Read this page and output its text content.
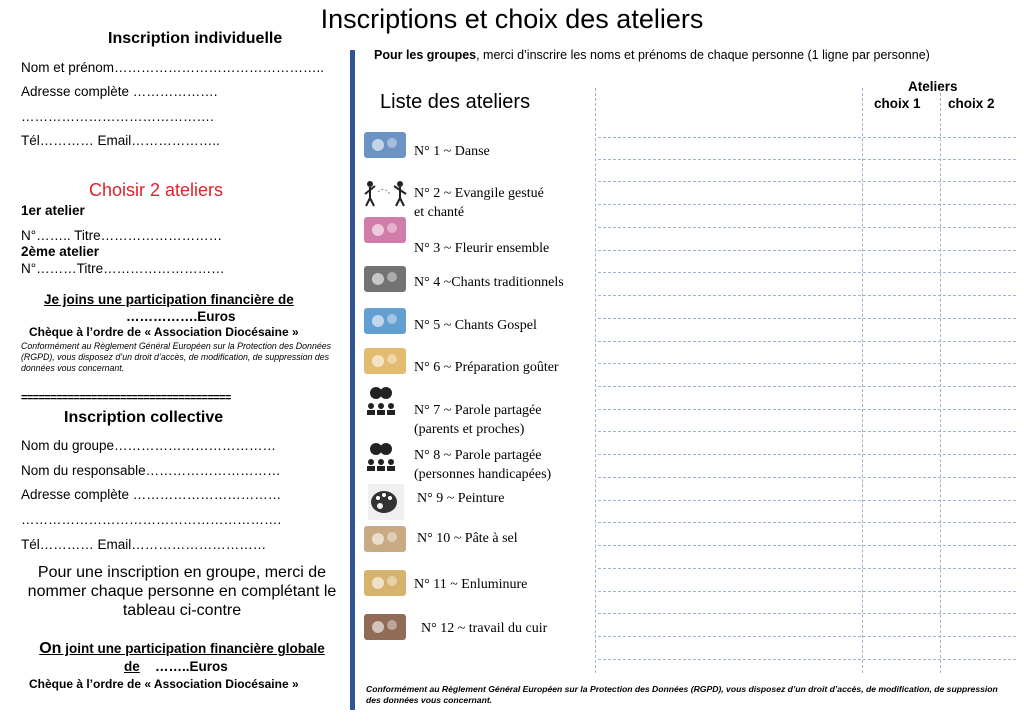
Inscriptions et choix des ateliers
Inscription individuelle
Nom et prénom………………………………………..
Adresse complète ……………….
…………………………………….
Tél………… Email………………..
Choisir 2 ateliers
1er atelier
N°…….. Titre………………………
2ème atelier
N°………Titre………………………
Je joins une participation financière de
…………….Euros
Chèque à l’ordre de « Association Diocésaine »
Conformément au Règlement Général Européen sur la Protection des Données (RGPD), vous disposez d’un droit d’accès, de modification, de suppression des données vous concernant.
====================================
Inscription collective
Nom du groupe………………………………
Nom du responsable…………………………
Adresse complète ……………………………
………………………………………………….
Tél………… Email…………………………
Pour une inscription en groupe, merci de nommer chaque personne en complétant le tableau ci-contre
On joint une participation financière globale
de ……..Euros
Chèque à l’ordre de « Association Diocésaine »
Pour les groupes, merci d’inscrire les noms et prénoms de chaque personne (1 ligne par personne)
Liste des ateliers
Ateliers
choix 1 choix 2
N° 1 ~ Danse
N° 2 ~ Evangile gestué
et chanté
N° 3 ~ Fleurir ensemble
N° 4 ~Chants traditionnels
N° 5 ~ Chants Gospel
N° 6 ~ Préparation goûter
N° 7 ~ Parole partagée
(parents et proches)
N° 8 ~ Parole partagée
(personnes handicapées)
N° 9 ~ Peinture
N° 10 ~ Pâte à sel
N° 11 ~ Enluminure
N° 12 ~ travail du cuir
Conformément au Règlement Général Européen sur la Protection des Données (RGPD), vous disposez d’un droit d’accès, de modification, de suppression des données vous concernant.
